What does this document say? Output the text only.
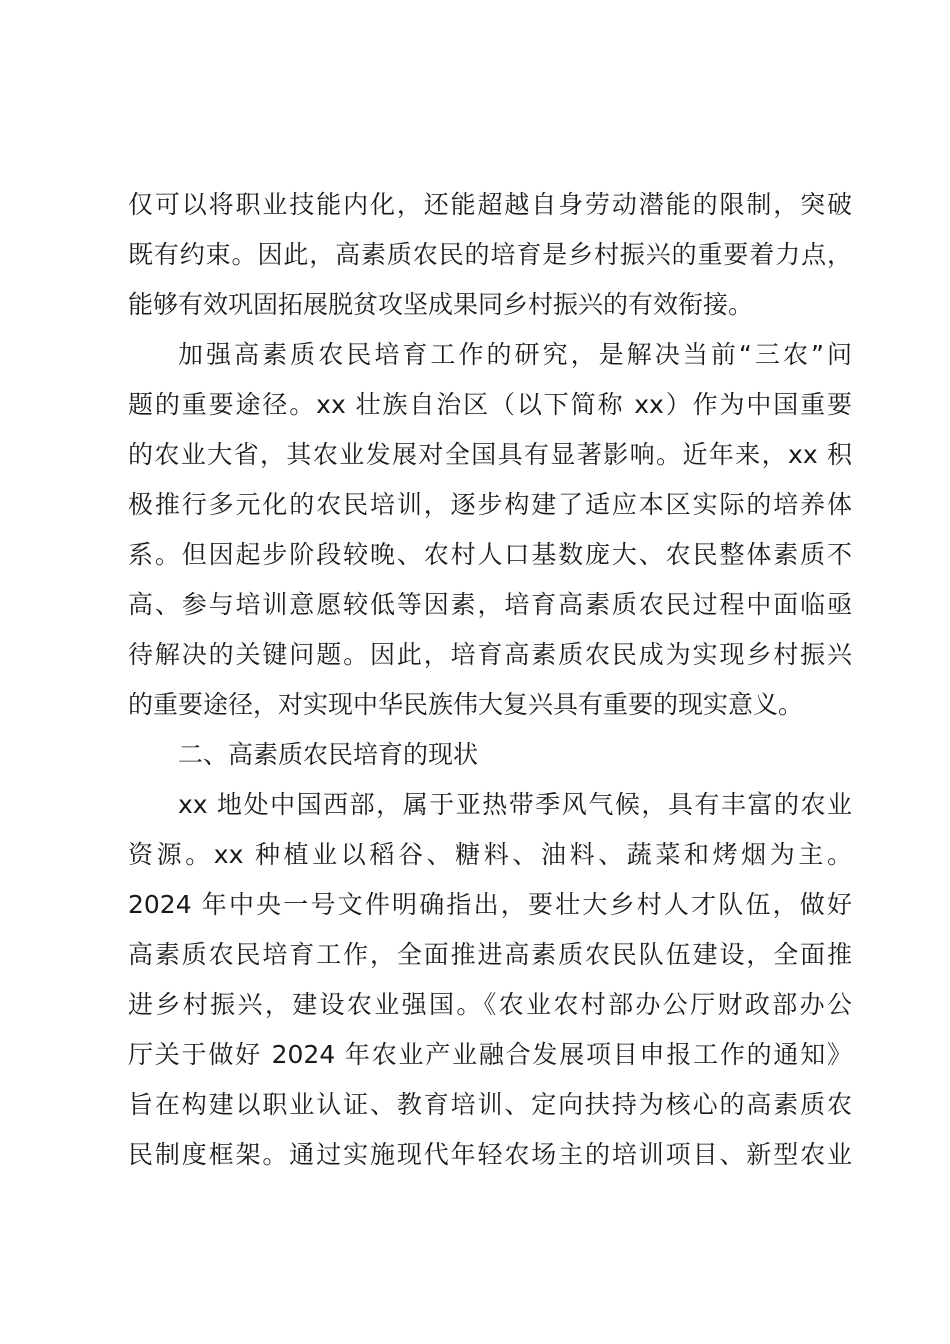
仅可以将职业技能内化，还能超越自身劳动潜能的限制，突破
既有约束。因此，高素质农民的培育是乡村振兴的重要着力点，
能够有效巩固拓展脱贫攻坚成果同乡村振兴的有效衔接。
加强高素质农民培育工作的研究，是解决当前“三农”问
题的重要途径。xx 壮族自治区（以下简称 xx）作为中国重要
的农业大省，其农业发展对全国具有显著影响。近年来，xx 积
极推行多元化的农民培训，逐步构建了适应本区实际的培养体
系。但因起步阶段较晚、农村人口基数庞大、农民整体素质不
高、参与培训意愿较低等因素，培育高素质农民过程中面临亟
待解决的关键问题。因此，培育高素质农民成为实现乡村振兴
的重要途径，对实现中华民族伟大复兴具有重要的现实意义。
二、高素质农民培育的现状
xx 地处中国西部，属于亚热带季风气候，具有丰富的农业
资源。xx 种植业以稻谷、糖料、油料、蔬菜和烤烟为主。
2024 年中央一号文件明确指出，要壮大乡村人才队伍，做好
高素质农民培育工作，全面推进高素质农民队伍建设，全面推
进乡村振兴，建设农业强国。《农业农村部办公厅财政部办公
厅关于做好 2024 年农业产业融合发展项目申报工作的通知》
旨在构建以职业认证、教育培训、定向扶持为核心的高素质农
民制度框架。通过实施现代年轻农场主的培训项目、新型农业
